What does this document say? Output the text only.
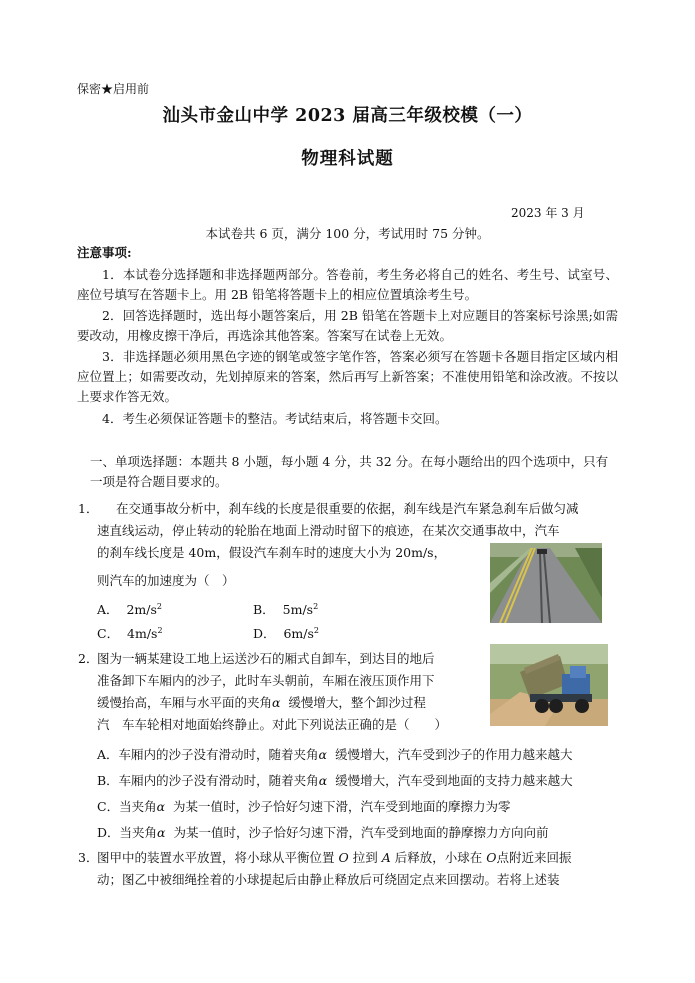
保密★启用前
汕头市金山中学 2023 届高三年级校模（一）
物理科试题
2023 年 3 月
本试卷共 6 页，满分 100 分，考试用时 75 分钟。
注意事项:
1．本试卷分选择题和非选择题两部分。答卷前，考生务必将自己的姓名、考生号、试室号、座位号填写在答题卡上。用 2B 铅笔将答题卡上的相应位置填涂考生号。
2．回答选择题时，选出每小题答案后，用 2B 铅笔在答题卡上对应题目的答案标号涂黑;如需要改动，用橡皮擦干净后，再选涂其他答案。答案写在试卷上无效。
3．非选择题必须用黑色字迹的钢笔或签字笔作答，答案必须写在答题卡各题目指定区域内相应位置上；如需要改动，先划掉原来的答案，然后再写上新答案；不准使用铅笔和涂改液。不按以上要求作答无效。
4．考生必须保证答题卡的整洁。考试结束后，将答题卡交回。
一、单项选择题：本题共 8 小题，每小题 4 分，共 32 分。在每小题给出的四个选项中，只有一项是符合题目要求的。
1． 在交通事故分析中，刹车线的长度是很重要的依据，刹车线是汽车紧急刹车后做匀减
速直线运动，停止转动的轮胎在地面上滑动时留下的痕迹，在某次交通事故中，汽车
的刹车线长度是 40m，假设汽车刹车时的速度大小为 20m/s，
则汽车的加速度为（　）
A． $2m/s^2$	B． $5m/s^2$
C． $4m/s^2$	D． $6m/s^2$
2．
图为一辆某建设工地上运送沙石的厢式自卸车，到达目的地后
准备卸下车厢内的沙子，此时车头朝前，车厢在液压顶作用下
缓慢抬高，车厢与水平面的夹角α 缓慢增大，整个卸沙过程
汽　车车轮相对地面始终静止。对此下列说法正确的是（　　）
A．车厢内的沙子没有滑动时，随着夹角α 缓慢增大，汽车受到沙子的作用力越来越大
B．车厢内的沙子没有滑动时，随着夹角α 缓慢增大，汽车受到地面的支持力越来越大
C．当夹角α 为某一值时，沙子恰好匀速下滑，汽车受到地面的摩擦力为零
D．当夹角α 为某一值时，沙子恰好匀速下滑，汽车受到地面的静摩擦力方向向前
3．
图甲中的装置水平放置，将小球从平衡位置 O 拉到 A 后释放，小球在 O点附近来回振
动；图乙中被细绳拴着的小球提起后由静止释放后可绕固定点来回摆动。若将上述装
